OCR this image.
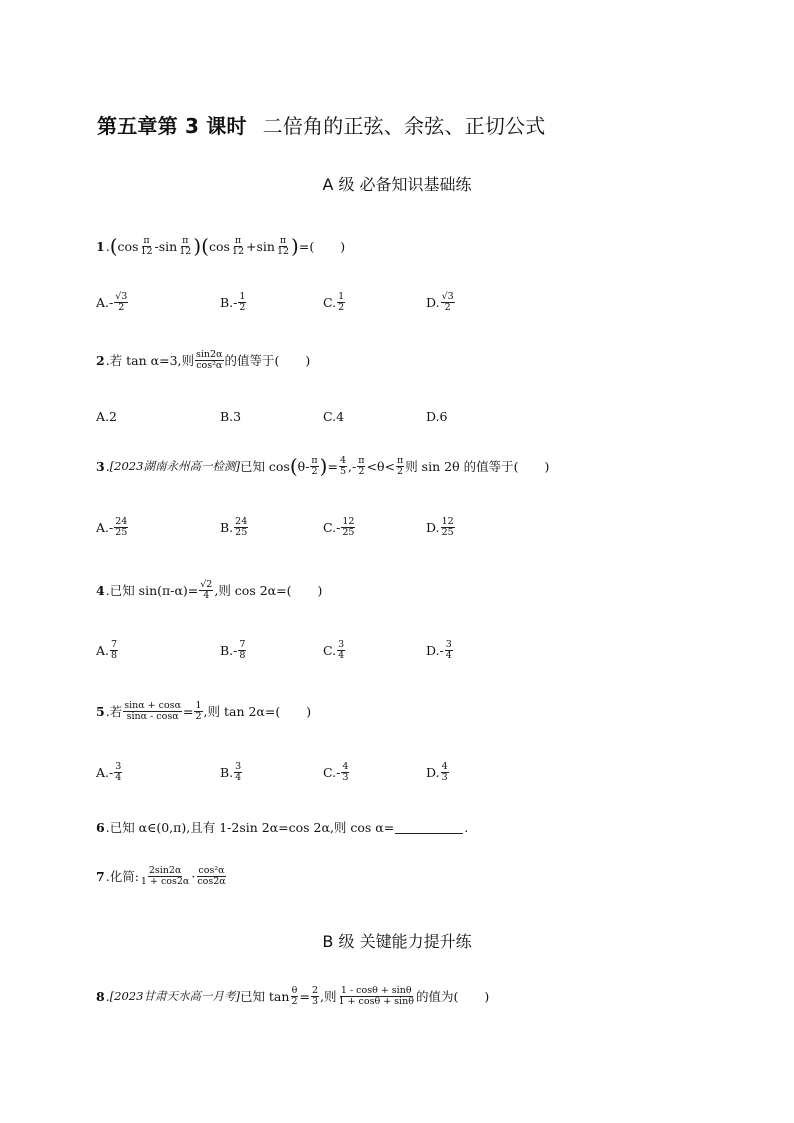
第五章第 3 课时 二倍角的正弦、余弦、正切公式
A 级 必备知识基础练
1 . ( $\cos \frac{\pi}{12} -\sin \frac{\pi}{12}$ ) ( $\cos \frac{\pi}{12} +\sin \frac{\pi}{12}$ ) =( )
$A.- \frac{√3}{2}$	$B.- \frac{1}{2}$	C. $\frac{1}{2}$	D. $\frac{√3}{2}$
2 . 若 tan α=3,则 $\frac{\sin 2\alpha}{\text{cos²α}}$ 的值等于( )
A.2	B.3	C.4	D.6
3 . [2023湖南永州高一检测] 已知 cos ( $\theta- \frac{\pi}{2}$ ) = $\frac{4}{5}$ ,- $\frac{\pi}{2} <\theta< \frac{\pi}{2}$ 则 sin 2θ 的值等于( )
$A.- \frac{24}{25}$	B. $\frac{24}{25}$	$C.- \frac{12}{25}$	D. $\frac{12}{25}$
4 . 已知 $\sin(\pi-\alpha)= \frac{√2}{4}$ ,则 cos 2α=( )
A. $\frac{7}{8}$	$B.- \frac{7}{8}$	C. $\frac{3}{4}$	$D.- \frac{3}{4}$
5 . 若 $\frac{\sin\alpha + \cos\alpha}{\sin\alpha - \cos\alpha} = \frac{1}{2}$ ,则 tan 2α=( )
$A.- \frac{3}{4}$	B. $\frac{3}{4}$	$C.- \frac{4}{3}$	D. $\frac{4}{3}$
6 . 已知 α∈(0,π),且有 1-2sin 2α=cos 2α,则 cos α=	.
7 . 化简: $\frac{2\sin 2\alpha}{1 + \cos 2\alpha} \cdot \frac{\text{cos²α}}{\cos 2\alpha}$
B 级 关键能力提升练
8 . [2023甘肃天水高一月考] 已知 $\tan \frac{\theta}{2} = \frac{2}{3}$ ,则 $\frac{1 - \cos\theta + \sin\theta}{1 + \cos\theta + \sin\theta}$ 的值为( )
